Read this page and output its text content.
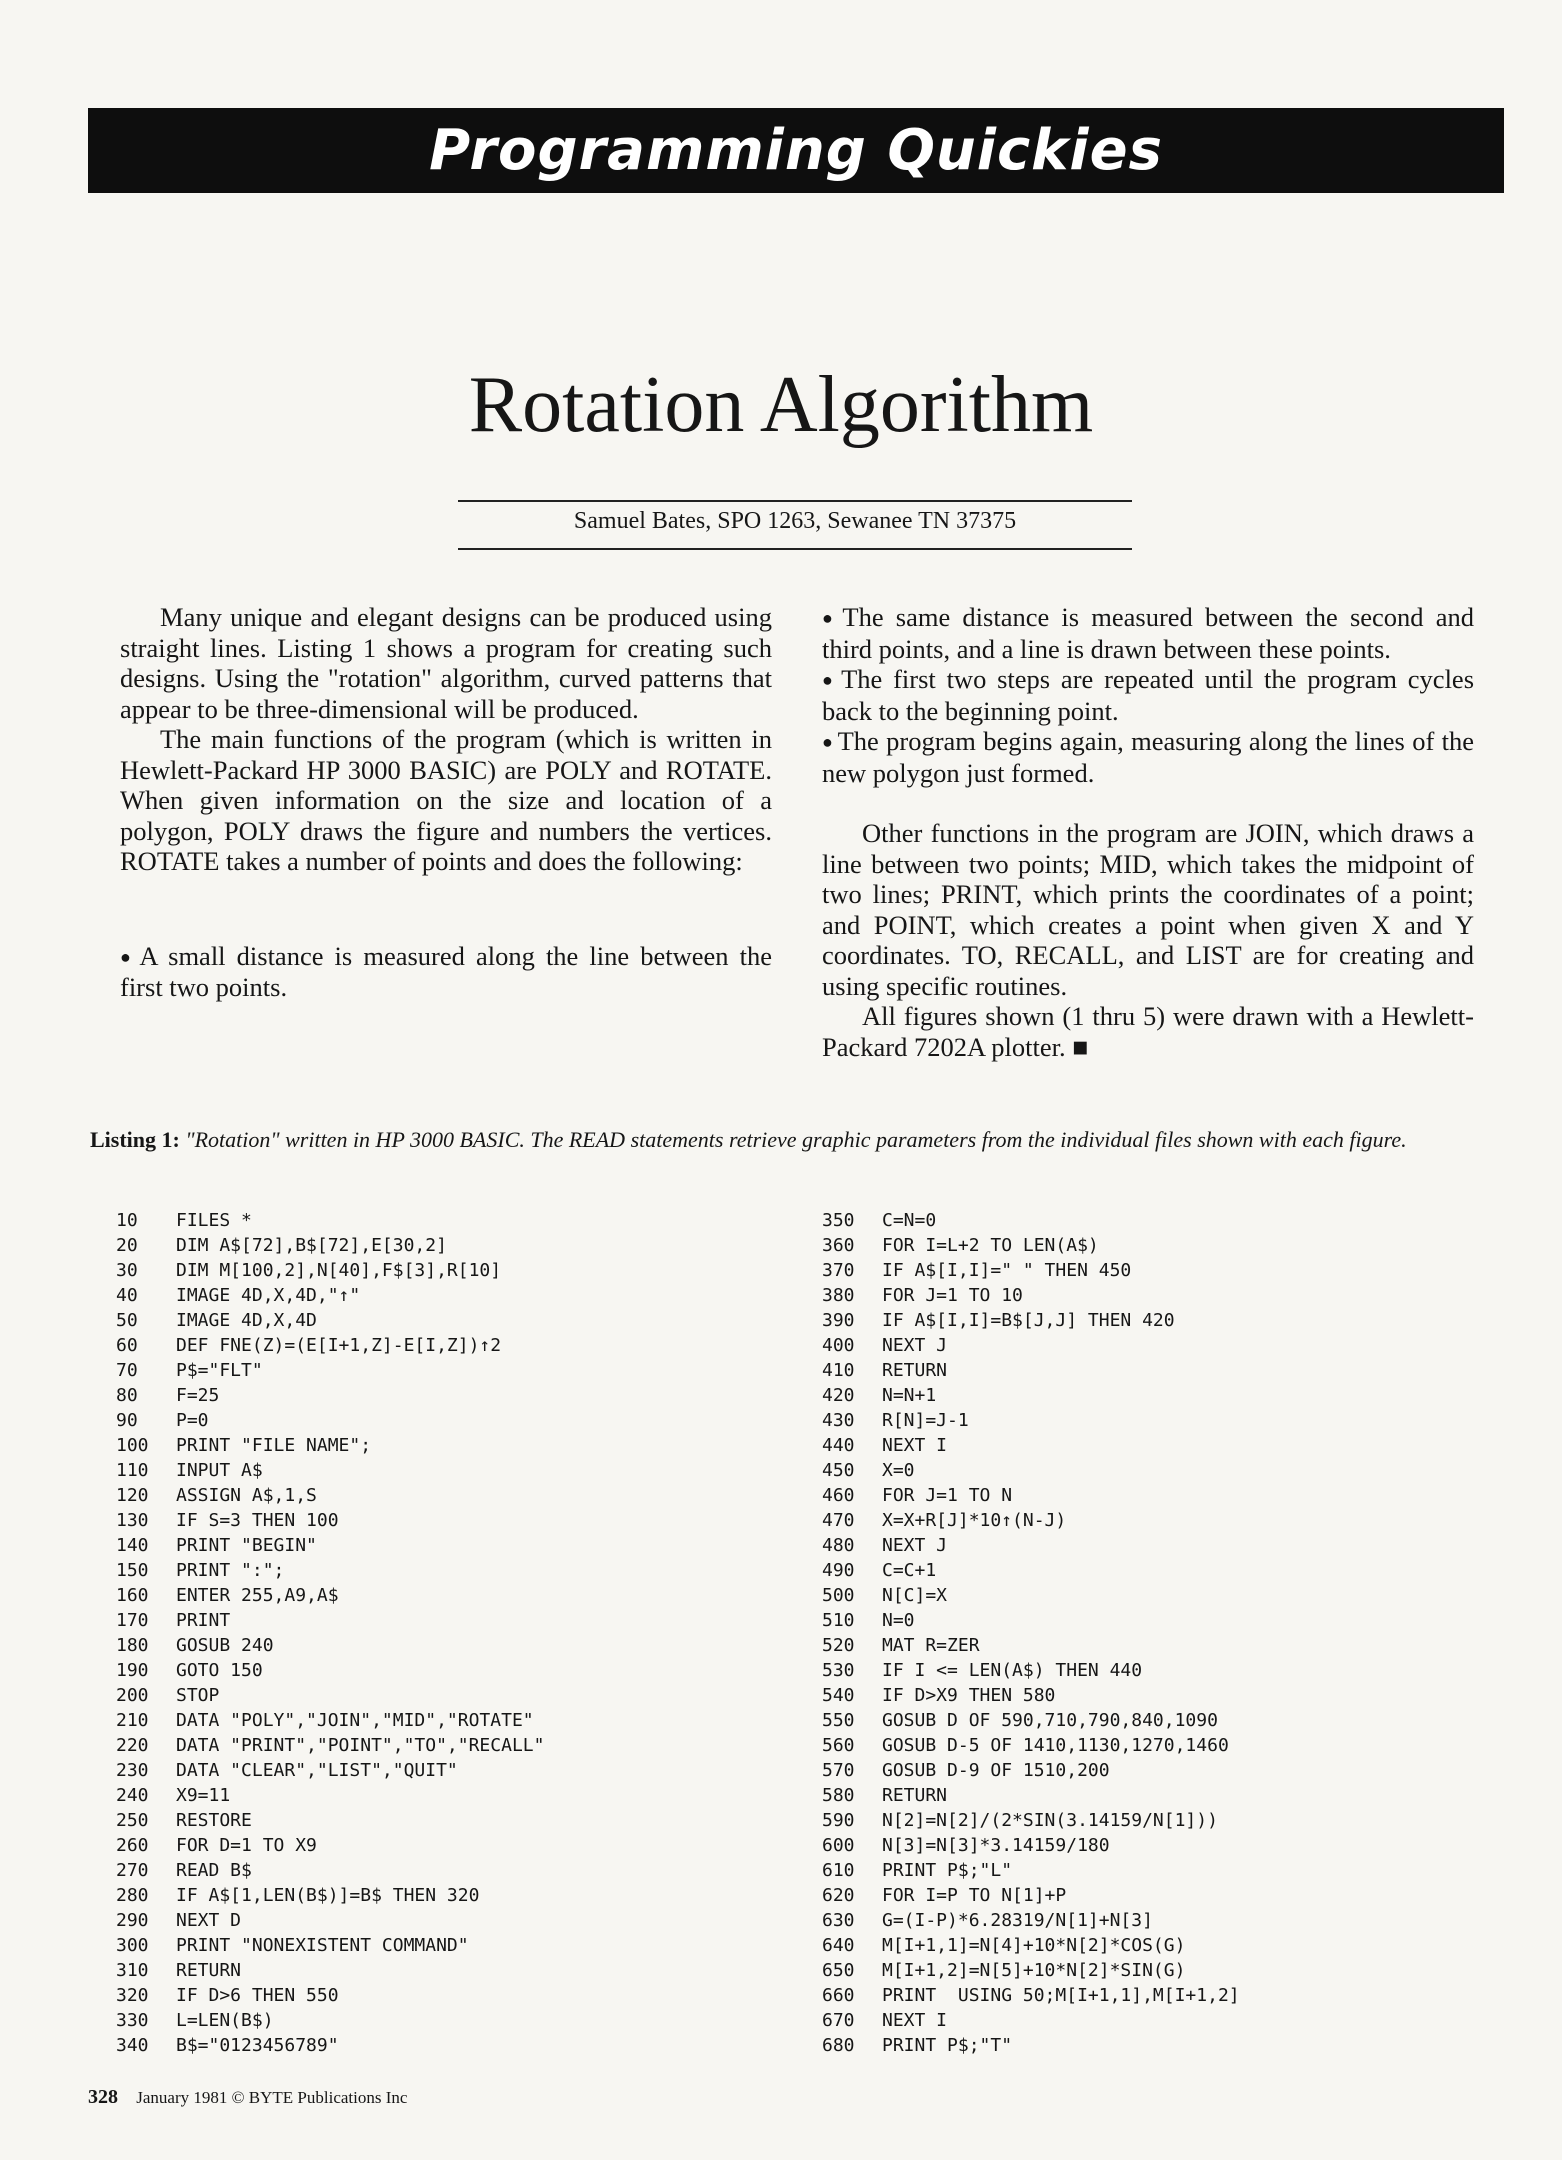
Programming Quickies
Rotation Algorithm
Samuel Bates, SPO 1263, Sewanee TN 37375

Many unique and elegant designs can be produced using straight lines. Listing 1 shows a program for creating such designs. Using the "rotation" algorithm, curved patterns that appear to be three-dimensional will be produced.

The main functions of the program (which is written in Hewlett-Packard HP 3000 BASIC) are POLY and ROTATE. When given information on the size and location of a polygon, POLY draws the figure and numbers the vertices. ROTATE takes a number of points and does the following:

● A small distance is measured along the line between the first two points.

● The same distance is measured between the second and third points, and a line is drawn between these points.

● The first two steps are repeated until the program cycles back to the beginning point.

● The program begins again, measuring along the lines of the new polygon just formed.

Other functions in the program are JOIN, which draws a line between two points; MID, which takes the midpoint of two lines; PRINT, which prints the coordinates of a point; and POINT, which creates a point when given X and Y coordinates. TO, RECALL, and LIST are for creating and using specific routines.

All figures shown (1 thru 5) were drawn with a Hewlett-Packard 7202A plotter. ■

Listing 1: "Rotation" written in HP 3000 BASIC. The READ statements retrieve graphic parameters from the individual files shown with each figure.
10 FILES *
20 DIM A$[72],B$[72],E[30,2]
30 DIM M[100,2],N[40],F$[3],R[10]
40 IMAGE 4D,X,4D,"↑"
50 IMAGE 4D,X,4D
60 DEF FNE(Z)=(E[I+1,Z]-E[I,Z])↑2
70 P$="FLT"
80 F=25
90 P=0
100 PRINT "FILE NAME";
110 INPUT A$
120 ASSIGN A$,1,S
130 IF S=3 THEN 100
140 PRINT "BEGIN"
150 PRINT ":";
160 ENTER 255,A9,A$
170 PRINT
180 GOSUB 240
190 GOTO 150
200 STOP
210 DATA "POLY","JOIN","MID","ROTATE"
220 DATA "PRINT","POINT","TO","RECALL"
230 DATA "CLEAR","LIST","QUIT"
240 X9=11
250 RESTORE
260 FOR D=1 TO X9
270 READ B$
280 IF A$[1,LEN(B$)]=B$ THEN 320
290 NEXT D
300 PRINT "NONEXISTENT COMMAND"
310 RETURN
320 IF D>6 THEN 550
330 L=LEN(B$)
340 B$="0123456789"
350 C=N=0
360 FOR I=L+2 TO LEN(A$)
370 IF A$[I,I]=" " THEN 450
380 FOR J=1 TO 10
390 IF A$[I,I]=B$[J,J] THEN 420
400 NEXT J
410 RETURN
420 N=N+1
430 R[N]=J-1
440 NEXT I
450 X=0
460 FOR J=1 TO N
470 X=X+R[J]*10↑(N-J)
480 NEXT J
490 C=C+1
500 N[C]=X
510 N=0
520 MAT R=ZER
530 IF I <= LEN(A$) THEN 440
540 IF D>X9 THEN 580
550 GOSUB D OF 590,710,790,840,1090
560 GOSUB D-5 OF 1410,1130,1270,1460
570 GOSUB D-9 OF 1510,200
580 RETURN
590 N[2]=N[2]/(2*SIN(3.14159/N[1]))
600 N[3]=N[3]*3.14159/180
610 PRINT P$;"L"
620 FOR I=P TO N[1]+P
630 G=(I-P)*6.28319/N[1]+N[3]
640 M[I+1,1]=N[4]+10*N[2]*COS(G)
650 M[I+1,2]=N[5]+10*N[2]*SIN(G)
660 PRINT  USING 50;M[I+1,1],M[I+1,2]
670 NEXT I
680 PRINT P$;"T"
328 January 1981 © BYTE Publications Inc
